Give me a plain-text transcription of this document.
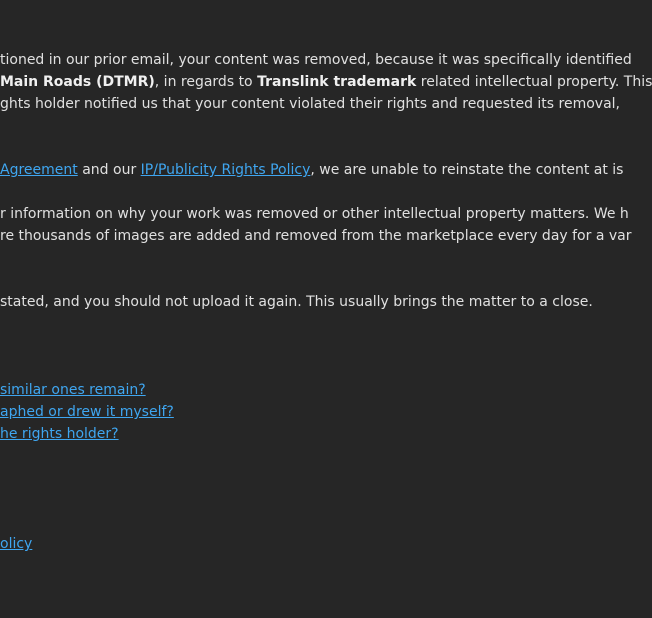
tioned in our prior email, your content was removed, because it was specifically identified
Main Roads (DTMR), in regards to Translink trademark related intellectual property. This
ghts holder notified us that your content violated their rights and requested its removal,
Agreement and our IP/Publicity Rights Policy, we are unable to reinstate the content at is
r information on why your work was removed or other intellectual property matters. We h
re thousands of images are added and removed from the marketplace every day for a var
stated, and you should not upload it again. This usually brings the matter to a close.
similar ones remain?
aphed or drew it myself?
he rights holder?
olicy
